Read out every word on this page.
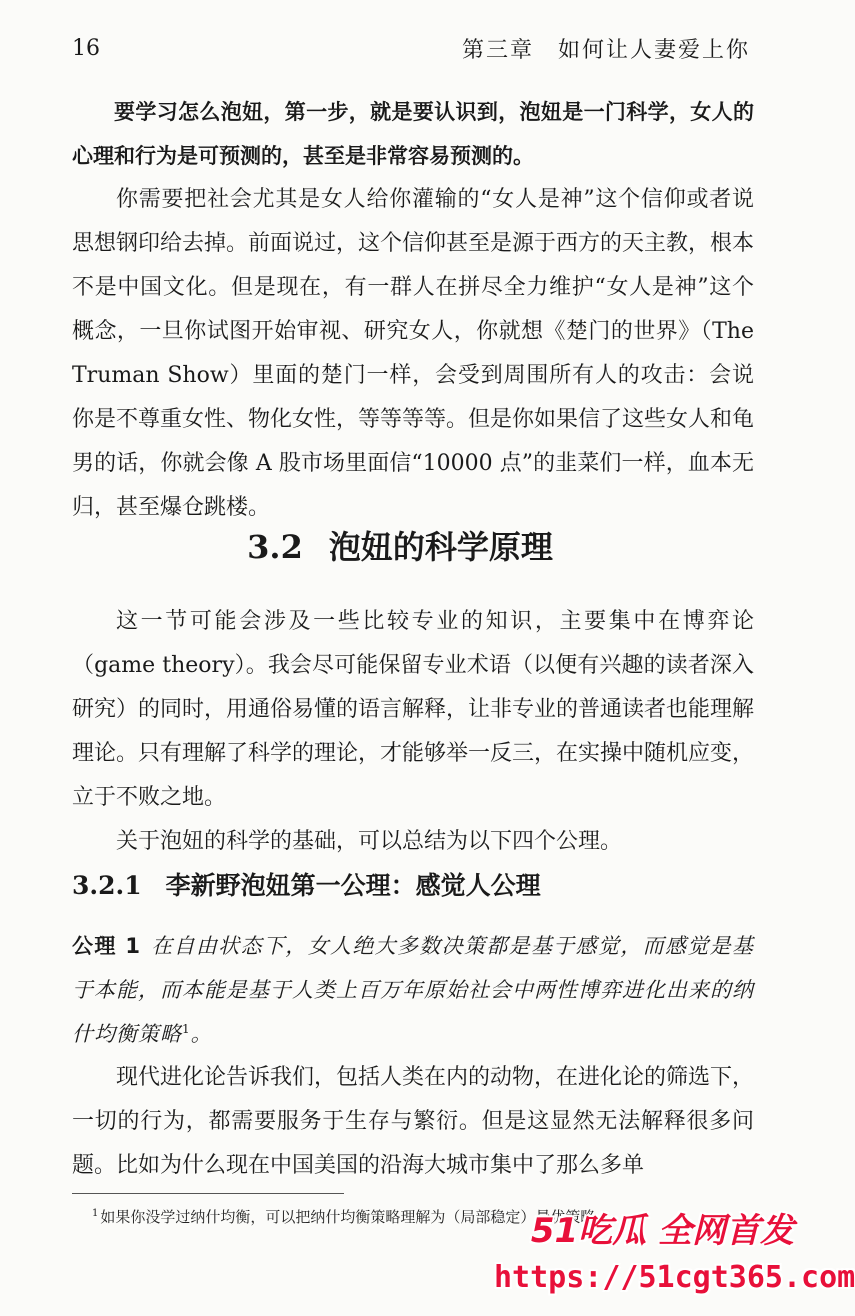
16	第三章　如何让人妻爱上你

要学习怎么泡妞，第一步，就是要认识到，泡妞是一门科学，女人的心理和行为是可预测的，甚至是非常容易预测的。

你需要把社会尤其是女人给你灌输的“女人是神”这个信仰或者说思想钢印给去掉。前面说过，这个信仰甚至是源于西方的天主教，根本不是中国文化。但是现在，有一群人在拼尽全力维护“女人是神”这个概念，一旦你试图开始审视、研究女人，你就想《楚门的世界》（The Truman Show）里面的楚门一样，会受到周围所有人的攻击：会说你是不尊重女性、物化女性，等等等等。但是你如果信了这些女人和龟男的话，你就会像 A 股市场里面信“10000 点”的韭菜们一样，血本无归，甚至爆仓跳楼。

3.2 泡妞的科学原理

这一节可能会涉及一些比较专业的知识，主要集中在博弈论（game theory）。我会尽可能保留专业术语（以便有兴趣的读者深入研究）的同时，用通俗易懂的语言解释，让非专业的普通读者也能理解理论。只有理解了科学的理论，才能够举一反三，在实操中随机应变，立于不败之地。

关于泡妞的科学的基础，可以总结为以下四个公理。

3.2.1 李新野泡妞第一公理：感觉人公理

公理 1 在自由状态下，女人绝大多数决策都是基于感觉，而感觉是基于本能，而本能是基于人类上百万年原始社会中两性博弈进化出来的纳什均衡策略$^1$。

现代进化论告诉我们，包括人类在内的动物，在进化论的筛选下，一切的行为，都需要服务于生存与繁衍。但是这显然无法解释很多问题。比如为什么现在中国美国的沿海大城市集中了那么多单

$^1$ 如果你没学过纳什均衡，可以把纳什均衡策略理解为（局部稳定）最优策略。
51吃瓜 全网首发
https://51cgt365.com
